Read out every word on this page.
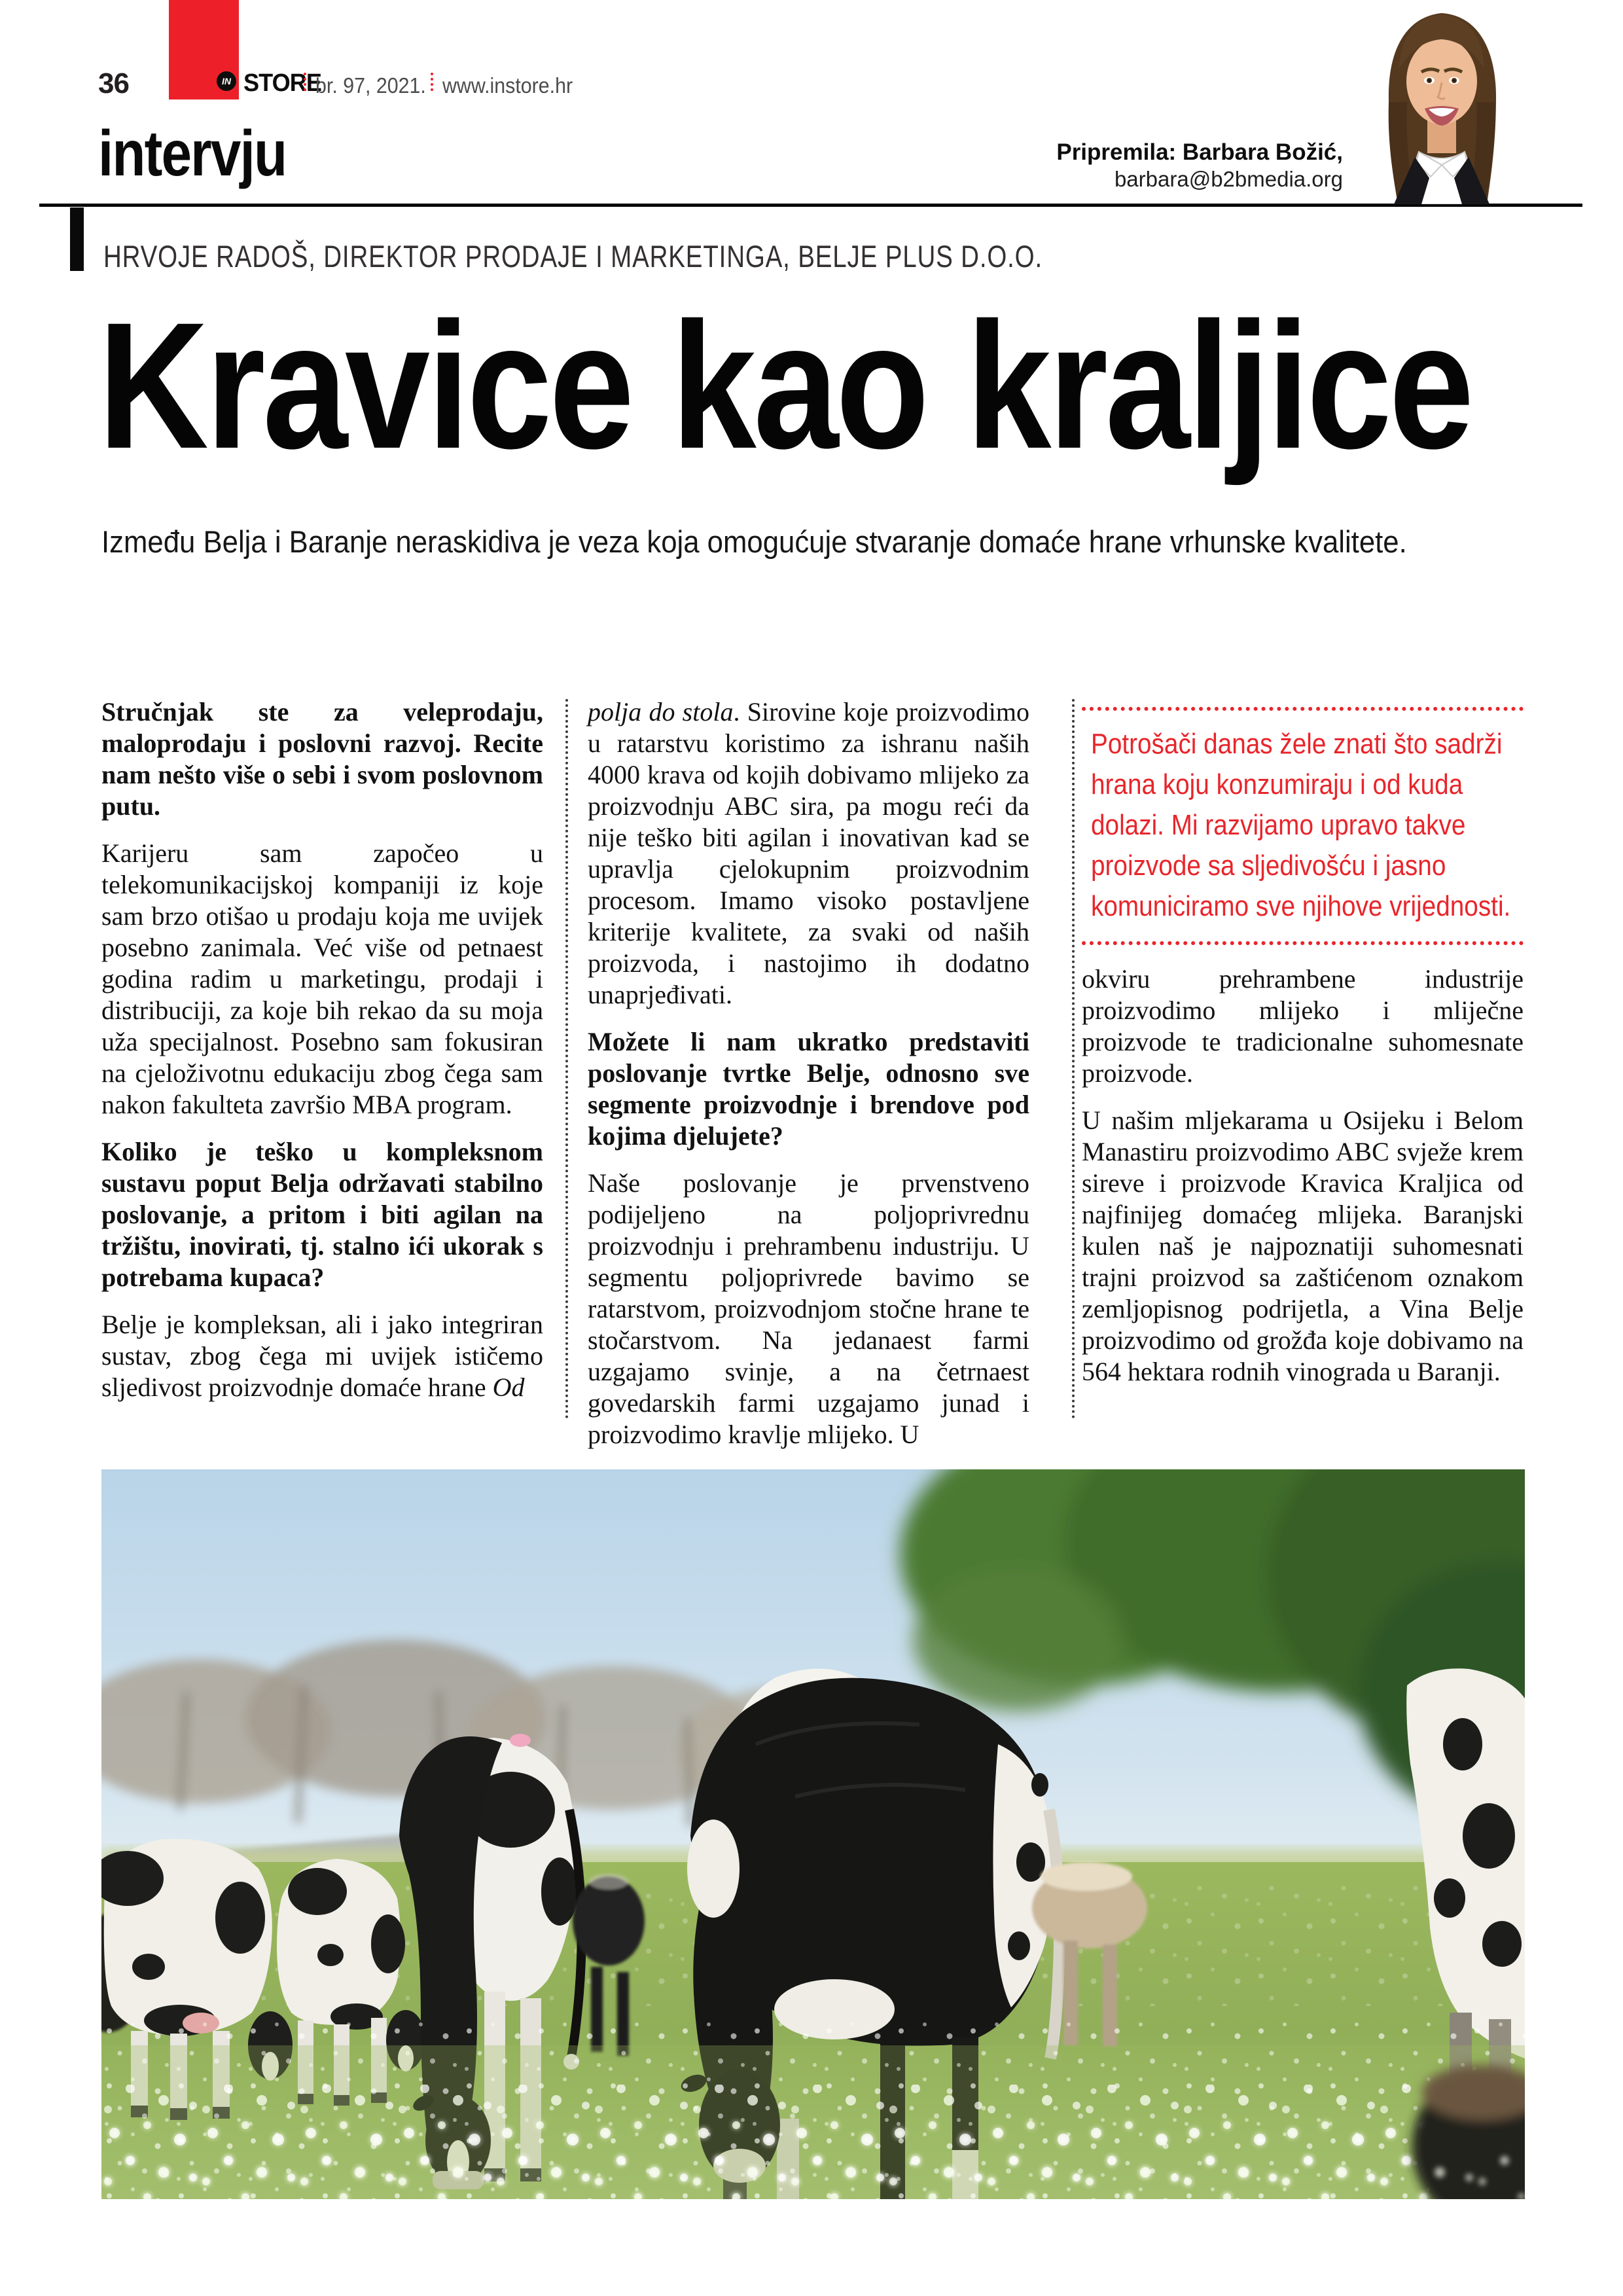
36	IN STORE
br. 97, 2021. www.instore.hr
intervju	Pripremila: Barbara Božić,
barbara@b2bmedia.org
HRVOJE RADOŠ, DIREKTOR PRODAJE I MARKETINGA, BELJE PLUS D.O.O.
Kravice kao kraljice
Između Belja i Baranje neraskidiva je veza koja omogućuje stvaranje domaće hrane vrhunske kvalitete.

Stručnjak ste za veleprodaju, maloprodaju i poslovni razvoj. Recite nam nešto više o sebi i svom poslovnom putu.

Karijeru sam započeo u telekomunikacijskoj kompaniji iz koje sam brzo otišao u prodaju koja me uvijek posebno zanimala. Već više od petnaest godina radim u marketingu, prodaji i distribuciji, za koje bih rekao da su moja uža specijalnost. Posebno sam fokusiran na cjeloživotnu edukaciju zbog čega sam nakon fakulteta završio MBA program.

Koliko je teško u kompleksnom sustavu poput Belja održavati stabilno poslovanje, a pritom i biti agilan na tržištu, inovirati, tj. stalno ići ukorak s potrebama kupaca?

Belje je kompleksan, ali i jako integriran sustav, zbog čega mi uvijek ističemo sljedivost proizvodnje domaće hrane Od

polja do stola. Sirovine koje proizvodimo u ratarstvu koristimo za ishranu naših 4000 krava od kojih dobivamo mlijeko za proizvodnju ABC sira, pa mogu reći da nije teško biti agilan i inovativan kad se upravlja cjelokupnim proizvodnim procesom. Imamo visoko postavljene kriterije kvalitete, za svaki od naših proizvoda, i nastojimo ih dodatno unaprjeđivati.

Možete li nam ukratko predstaviti poslovanje tvrtke Belje, odnosno sve segmente proizvodnje i brendove pod kojima djelujete?

Naše poslovanje je prvenstveno podijeljeno na poljoprivrednu proizvodnju i prehrambenu industriju. U segmentu poljoprivrede bavimo se ratarstvom, proizvodnjom stočne hrane te stočarstvom. Na jedanaest farmi uzgajamo svinje, a na četrnaest govedarskih farmi uzgajamo junad i proizvodimo kravlje mlijeko. U

Potrošači danas žele znati što sadrži hrana koju konzumiraju i od kuda dolazi. Mi razvijamo upravo takve proizvode sa sljedivošću i jasno komuniciramo sve njihove vrijednosti.

okviru prehrambene industrije proizvodimo mlijeko i mliječne proizvode te tradicionalne suhomesnate proizvode.

U našim mljekarama u Osijeku i Belom Manastiru proizvodimo ABC svježe krem sireve i proizvode Kravica Kraljica od najfinijeg domaćeg mlijeka. Baranjski kulen naš je najpoznatiji suhomesnati trajni proizvod sa zaštićenom oznakom zemljopisnog podrijetla, a Vina Belje proizvodimo od grožđa koje dobivamo na 564 hektara rodnih vinograda u Baranji.
